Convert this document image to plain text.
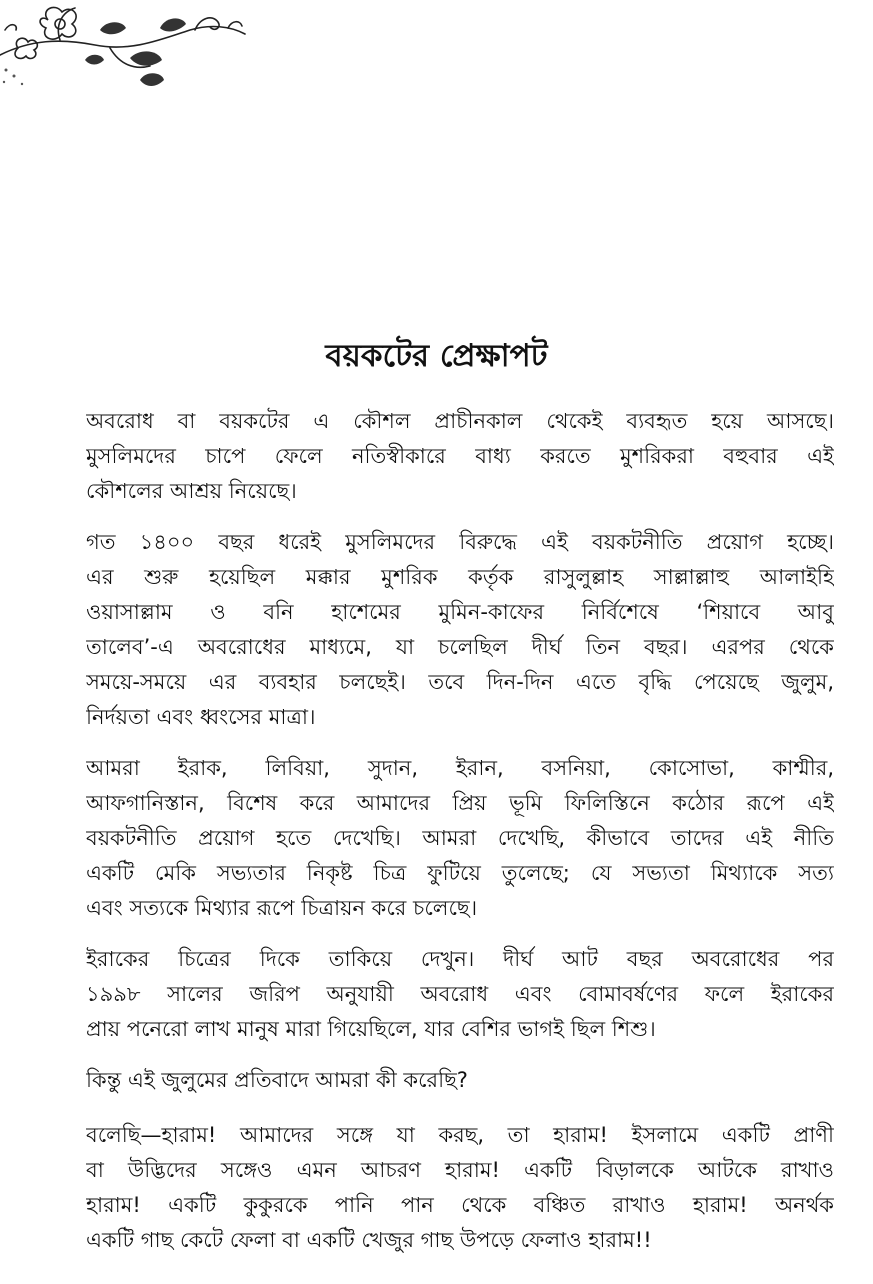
বয়কটের প্রেক্ষাপট

অবরোধ বা বয়কটের এ কৌশল প্রাচীনকাল থেকেই ব্যবহৃত হয়ে আসছে।
মুসলিমদের চাপে ফেলে নতিস্বীকারে বাধ্য করতে মুশরিকরা বহুবার এই
কৌশলের আশ্রয় নিয়েছে।

গত ১৪০০ বছর ধরেই মুসলিমদের বিরুদ্ধে এই বয়কটনীতি প্রয়োগ হচ্ছে।
এর শুরু হয়েছিল মক্কার মুশরিক কর্তৃক রাসুলুল্লাহ সাল্লাল্লাহু আলাইহি
ওয়াসাল্লাম ও বনি হাশেমের মুমিন-কাফের নির্বিশেষে ‘শিয়াবে আবু
তালেব’-এ অবরোধের মাধ্যমে, যা চলেছিল দীর্ঘ তিন বছর। এরপর থেকে
সময়ে-সময়ে এর ব্যবহার চলছেই। তবে দিন-দিন এতে বৃদ্ধি পেয়েছে জুলুম,
নির্দয়তা এবং ধ্বংসের মাত্রা।

আমরা ইরাক, লিবিয়া, সুদান, ইরান, বসনিয়া, কোসোভা, কাশ্মীর,
আফগানিস্তান, বিশেষ করে আমাদের প্রিয় ভূমি ফিলিস্তিনে কঠোর রূপে এই
বয়কটনীতি প্রয়োগ হতে দেখেছি। আমরা দেখেছি, কীভাবে তাদের এই নীতি
একটি মেকি সভ্যতার নিকৃষ্ট চিত্র ফুটিয়ে তুলেছে; যে সভ্যতা মিথ্যাকে সত্য
এবং সত্যকে মিথ্যার রূপে চিত্রায়ন করে চলেছে।

ইরাকের চিত্রের দিকে তাকিয়ে দেখুন। দীর্ঘ আট বছর অবরোধের পর
১৯৯৮ সালের জরিপ অনুযায়ী অবরোধ এবং বোমাবর্ষণের ফলে ইরাকের
প্রায় পনেরো লাখ মানুষ মারা গিয়েছিলে, যার বেশির ভাগই ছিল শিশু।

কিন্তু এই জুলুমের প্রতিবাদে আমরা কী করেছি?

বলেছি—হারাম! আমাদের সঙ্গে যা করছ, তা হারাম! ইসলামে একটি প্রাণী
বা উদ্ভিদের সঙ্গেও এমন আচরণ হারাম! একটি বিড়ালকে আটকে রাখাও
হারাম! একটি কুকুরকে পানি পান থেকে বঞ্চিত রাখাও হারাম! অনর্থক
একটি গাছ কেটে ফেলা বা একটি খেজুর গাছ উপড়ে ফেলাও হারাম!!
